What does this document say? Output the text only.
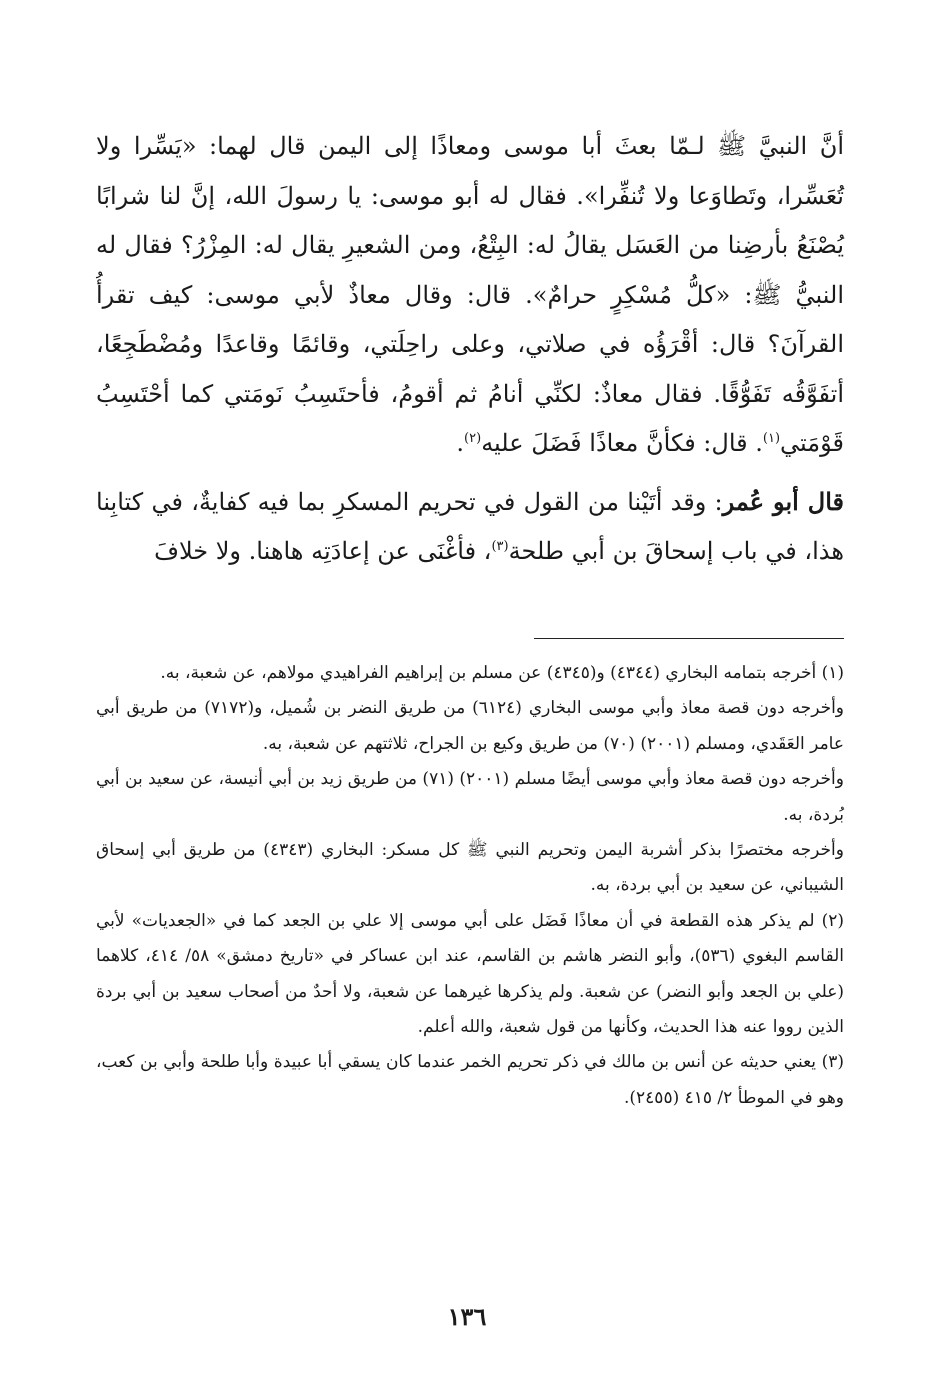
أنَّ النبيَّ ﷺ لـمّا بعثَ أبا موسى ومعاذًا إلى اليمن قال لهما: «يَسِّرا ولا تُعَسِّرا، وتَطاوَعا ولا تُنفِّرا». فقال له أبو موسى: يا رسولَ الله، إنَّ لنا شرابًا يُصْنَعُ بأرضِنا من العَسَل يقالُ له: البِتْعُ، ومن الشعيرِ يقال له: المِزْرُ؟ فقال له النبيُّ ﷺ: «كلُّ مُسْكِرٍ حرامٌ». قال: وقال معاذٌ لأبي موسى: كيف تقرأُ القرآنَ؟ قال: أقْرَؤُه في صلاتي، وعلى راحِلَتي، وقائمًا وقاعدًا ومُضْطَجِعًا، أتفَوَّقُه تَفَوُّقًا. فقال معاذٌ: لكنِّي أنامُ ثم أقومُ، فأحتَسِبُ نَومَتي كما أحْتَسِبُ قَوْمَتي$^{(١)}$. قال: فكأنَّ معاذًا فَضَلَ عليه$^{(٢)}$.

قال أبو عُمر: وقد أتَيْنا من القول في تحريم المسكرِ بما فيه كفايةٌ، في كتابِنا هذا، في باب إسحاقَ بن أبي طلحة$^{(٣)}$، فأغْنَى عن إعادَتِه هاهنا. ولا خلافَ

(١) أخرجه بتمامه البخاري (٤٣٤٤) و(٤٣٤٥) عن مسلم بن إبراهيم الفراهيدي مولاهم، عن شعبة، به.

وأخرجه دون قصة معاذ وأبي موسى البخاري (٦١٢٤) من طريق النضر بن شُميل، و(٧١٧٢) من طريق أبي عامر العَقَدي، ومسلم (٢٠٠١) (٧٠) من طريق وكيع بن الجراح، ثلاثتهم عن شعبة، به.

وأخرجه دون قصة معاذ وأبي موسى أيضًا مسلم (٢٠٠١) (٧١) من طريق زيد بن أبي أنيسة، عن سعيد بن أبي بُردة، به.

وأخرجه مختصرًا بذكر أشربة اليمن وتحريم النبي ﷺ كل مسكر: البخاري (٤٣٤٣) من طريق أبي إسحاق الشيباني، عن سعيد بن أبي بردة، به.

(٢) لم يذكر هذه القطعة في أن معاذًا فَضَل على أبي موسى إلا علي بن الجعد كما في «الجعديات» لأبي القاسم البغوي (٥٣٦)، وأبو النضر هاشم بن القاسم، عند ابن عساكر في «تاريخ دمشق» ٥٨/ ٤١٤، كلاهما (علي بن الجعد وأبو النضر) عن شعبة. ولم يذكرها غيرهما عن شعبة، ولا أحدٌ من أصحاب سعيد بن أبي بردة الذين رووا عنه هذا الحديث، وكأنها من قول شعبة، والله أعلم.

(٣) يعني حديثه عن أنس بن مالك في ذكر تحريم الخمر عندما كان يسقي أبا عبيدة وأبا طلحة وأبي بن كعب، وهو في الموطأ ٢/ ٤١٥ (٢٤٥٥).

١٣٦
